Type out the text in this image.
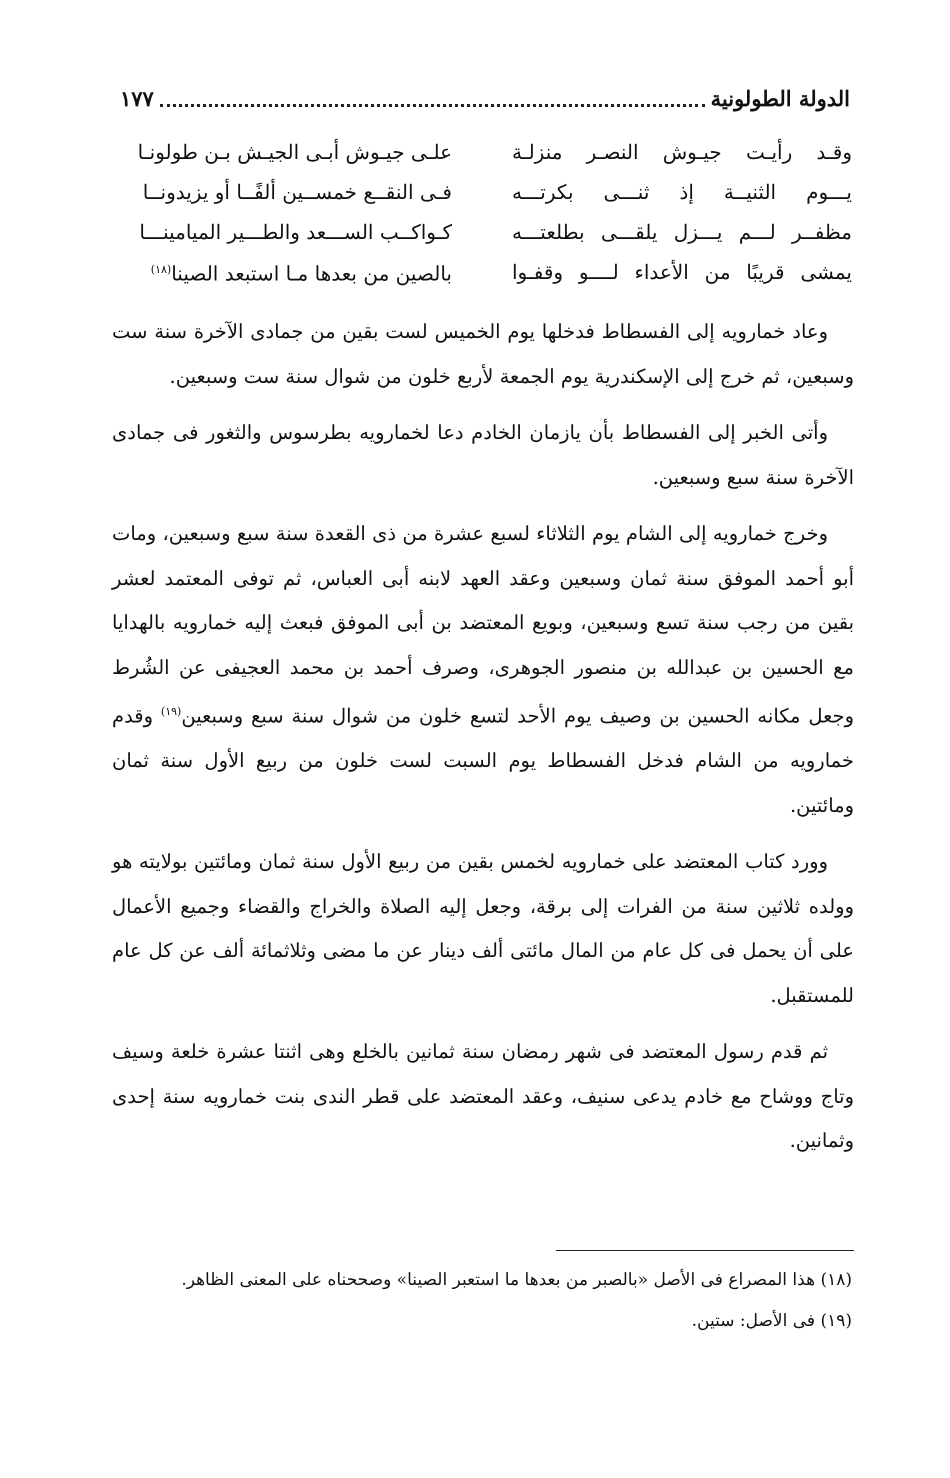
الدولة الطولونية
١٧٧
وقـد رأيـت جيـوش النصـر منزلـة
علـى جيـوش أبـى الجيـش بـن طولونـا
يـــوم الثنيــة إذ ثنـــى بكرتـــه
فـى النقــع خمســين ألفًــا أو يزيدونــا
مظفــر لـــم يـــزل يلقـــى بطلعتـــه
كـواكــب الســـعد والطـــير الميامينـــا
يمشى قريبًا من الأعداء لــــو وقفـوا
بالصين من بعدها مـا استبعد الصينا$^{(١٨)}$

وعاد خمارويه إلى الفسطاط فدخلها يوم الخميس لست بقين من جمادى الآخرة سنة ست وسبعين، ثم خرج إلى الإسكندرية يوم الجمعة لأربع خلون من شوال سنة ست وسبعين.

وأتى الخبر إلى الفسطاط بأن يازمان الخادم دعا لخمارويه بطرسوس والثغور فى جمادى الآخرة سنة سبع وسبعين.

وخرج خمارويه إلى الشام يوم الثلاثاء لسبع عشرة من ذى القعدة سنة سبع وسبعين، ومات أبو أحمد الموفق سنة ثمان وسبعين وعقد العهد لابنه أبى العباس، ثم توفى المعتمد لعشر بقين من رجب سنة تسع وسبعين، وبويع المعتضد بن أبى الموفق فبعث إليه خمارويه بالهدايا مع الحسين بن عبدالله بن منصور الجوهرى، وصرف أحمد بن محمد العجيفى عن الشُرط وجعل مكانه الحسين بن وصيف يوم الأحد لتسع خلون من شوال سنة سبع وسبعين$^{(١٩)}$ وقدم خمارويه من الشام فدخل الفسطاط يوم السبت لست خلون من ربيع الأول سنة ثمان ومائتين.

وورد كتاب المعتضد على خمارويه لخمس بقين من ربيع الأول سنة ثمان ومائتين بولايته هو وولده ثلاثين سنة من الفرات إلى برقة، وجعل إليه الصلاة والخراج والقضاء وجميع الأعمال على أن يحمل فى كل عام من المال مائتى ألف دينار عن ما مضى وثلاثمائة ألف عن كل عام للمستقبل.

ثم قدم رسول المعتضد فى شهر رمضان سنة ثمانين بالخلع وهى اثنتا عشرة خلعة وسيف وتاج ووشاح مع خادم يدعى سنيف، وعقد المعتضد على قطر الندى بنت خمارويه سنة إحدى وثمانين.

(١٨) هذا المصراع فى الأصل «بالصبر من بعدها ما استعبر الصينا» وصححناه على المعنى الظاهر.

(١٩) فى الأصل: ستين.
